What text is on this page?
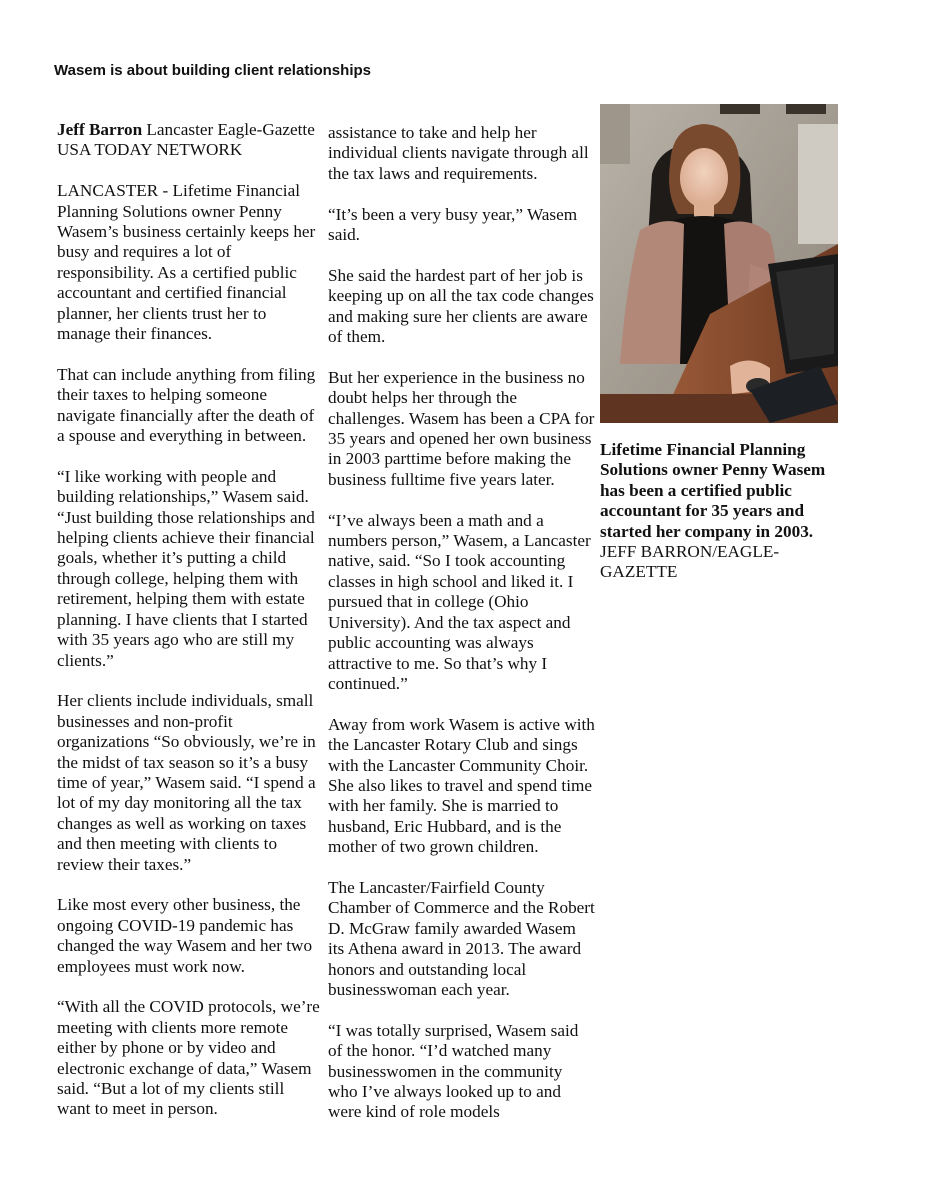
Wasem is about building client relationships

Jeff Barron Lancaster Eagle-Gazette USA TODAY NETWORK

LANCASTER - Lifetime Financial Planning Solutions owner Penny Wasem’s business certainly keeps her busy and requires a lot of responsibility. As a certified public accountant and certified financial planner, her clients trust her to manage their finances.

That can include anything from filing their taxes to helping someone navigate financially after the death of a spouse and everything in between.

“I like working with people and building relationships,” Wasem said. “Just building those relationships and helping clients achieve their financial goals, whether it’s putting a child through college, helping them with retirement, helping them with estate planning. I have clients that I started with 35 years ago who are still my clients.”

Her clients include individuals, small businesses and non-profit organizations “So obviously, we’re in the midst of tax season so it’s a busy time of year,” Wasem said. “I spend a lot of my day monitoring all the tax changes as well as working on taxes and then meeting with clients to review their taxes.”

Like most every other business, the ongoing COVID-19 pandemic has changed the way Wasem and her two employees must work now.

“With all the COVID protocols, we’re meeting with clients more remote either by phone or by video and electronic exchange of data,” Wasem said. “But a lot of my clients still want to meet in person.

assistance to take and help her individual clients navigate through all the tax laws and requirements.

“It’s been a very busy year,” Wasem said.

She said the hardest part of her job is keeping up on all the tax code changes and making sure her clients are aware of them.

But her experience in the business no doubt helps her through the challenges. Wasem has been a CPA for 35 years and opened her own business in 2003 parttime before making the business fulltime five years later.

“I’ve always been a math and a numbers person,” Wasem, a Lancaster native, said. “So I took accounting classes in high school and liked it. I pursued that in college (Ohio University). And the tax aspect and public accounting was always attractive to me. So that’s why I continued.”

Away from work Wasem is active with the Lancaster Rotary Club and sings with the Lancaster Community Choir. She also likes to travel and spend time with her family. She is married to husband, Eric Hubbard, and is the mother of two grown children.

The Lancaster/Fairfield County Chamber of Commerce and the Robert D. McGraw family awarded Wasem its Athena award in 2013. The award honors and outstanding local businesswoman each year.

“I was totally surprised, Wasem said of the honor. “I’d watched many businesswomen in the community who I’ve always looked up to and were kind of role models

Lifetime Financial Planning Solutions owner Penny Wasem has been a certified public accountant for 35 years and started her company in 2003. JEFF BARRON/EAGLE-GAZETTE
